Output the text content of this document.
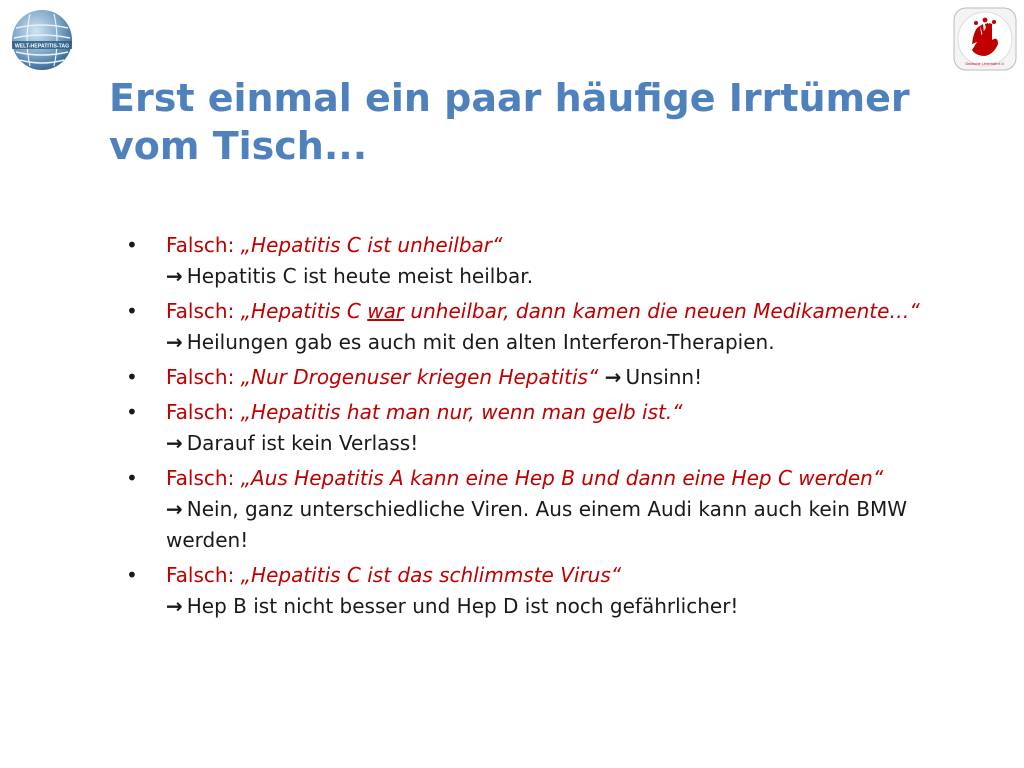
WELT-HEPATITIS-TAG
Deutsche Leberhilfe e.V.
Erst einmal ein paar häufige Irrtümer
vom Tisch...
• Falsch: „Hepatitis C ist unheilbar“
→ Hepatitis C ist heute meist heilbar.
• Falsch: „Hepatitis C war unheilbar, dann kamen die neuen Medikamente…“
→ Heilungen gab es auch mit den alten Interferon-Therapien.
• Falsch: „Nur Drogenuser kriegen Hepatitis“ → Unsinn!
• Falsch: „Hepatitis hat man nur, wenn man gelb ist.“
→ Darauf ist kein Verlass!
• Falsch: „Aus Hepatitis A kann eine Hep B und dann eine Hep C werden“
→ Nein, ganz unterschiedliche Viren. Aus einem Audi kann auch kein BMW werden!
• Falsch: „Hepatitis C ist das schlimmste Virus“
→ Hep B ist nicht besser und Hep D ist noch gefährlicher!
